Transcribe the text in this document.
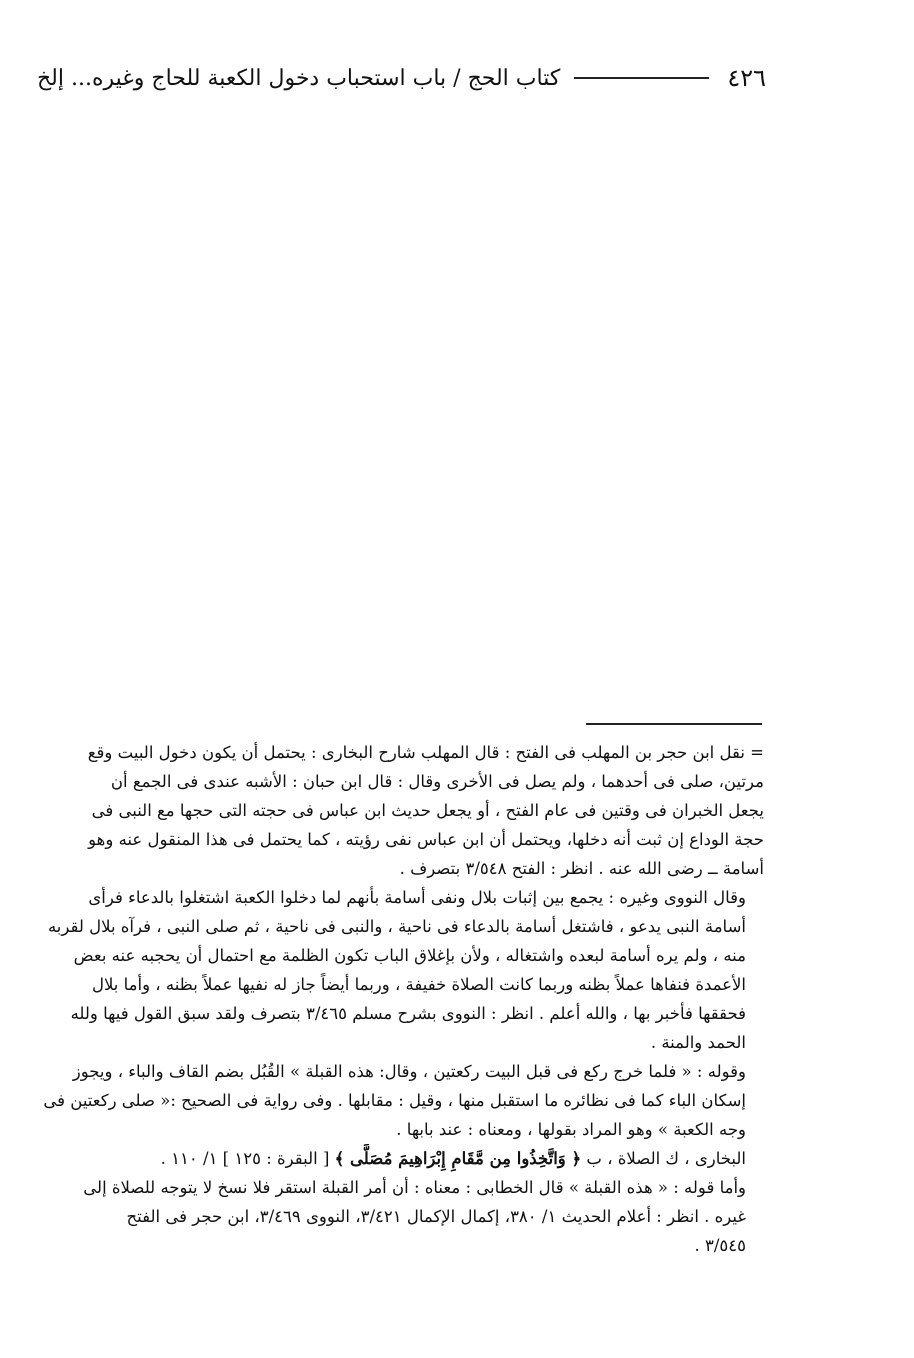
٤٢٦
كتاب الحج / باب استحباب دخول الكعبة للحاج وغيره... إلخ

= نقل ابن حجر بن المهلب فى الفتح : قال المهلب شارح البخارى : يحتمل أن يكون دخول البيت وقع
مرتين، صلى فى أحدهما ، ولم يصل فى الأخرى وقال : قال ابن حبان : الأشبه عندى فى الجمع أن
يجعل الخبران فى وقتين فى عام الفتح ، أو يجعل حديث ابن عباس فى حجته التى حجها مع النبى فى
حجة الوداع إن ثبت أنه دخلها، ويحتمل أن ابن عباس نفى رؤيته ، كما يحتمل فى هذا المنقول عنه وهو
أسامة ــ رضى الله عنه . انظر : الفتح ٣/٥٤٨ بتصرف .

وقال النووى وغيره : يجمع بين إثبات بلال ونفى أسامة بأنهم لما دخلوا الكعبة اشتغلوا بالدعاء فرأى
أسامة النبى يدعو ، فاشتغل أسامة بالدعاء فى ناحية ، والنبى فى ناحية ، ثم صلى النبى ، فرآه بلال لقربه
منه ، ولم يره أسامة لبعده واشتغاله ، ولأن بإغلاق الباب تكون الظلمة مع احتمال أن يحجبه عنه بعض
الأعمدة فنفاها عملاً بظنه وربما كانت الصلاة خفيفة ، وربما أيضاً جاز له نفيها عملاً بظنه ، وأما بلال
فحققها فأخبر بها ، والله أعلم . انظر : النووى بشرح مسلم ٣/٤٦٥ بتصرف ولقد سبق القول فيها ولله
الحمد والمنة .

وقوله : « فلما خرج ركع فى قبل البيت ركعتين ، وقال: هذه القبلة » القُبُل بضم القاف والباء ، ويجوز
إسكان الباء كما فى نظائره ما استقبل منها ، وقيل : مقابلها . وفى رواية فى الصحيح :« صلى ركعتين فى
وجه الكعبة » وهو المراد بقولها ، ومعناه : عند بابها .

البخارى ، ك الصلاة ، ب ﴿ وَاتَّخِذُوا مِن مَّقَامِ إِبْرَاهِيمَ مُصَلًّى ﴾ [ البقرة : ١٢٥ ] ١/ ١١٠ .

وأما قوله : « هذه القبلة » قال الخطابى : معناه : أن أمر القبلة استقر فلا نسخ لا يتوجه للصلاة إلى
غيره . انظر : أعلام الحديث ١/ ٣٨٠، إكمال الإكمال ٣/٤٢١، النووى ٣/٤٦٩، ابن حجر فى الفتح
٣/٥٤٥ .
